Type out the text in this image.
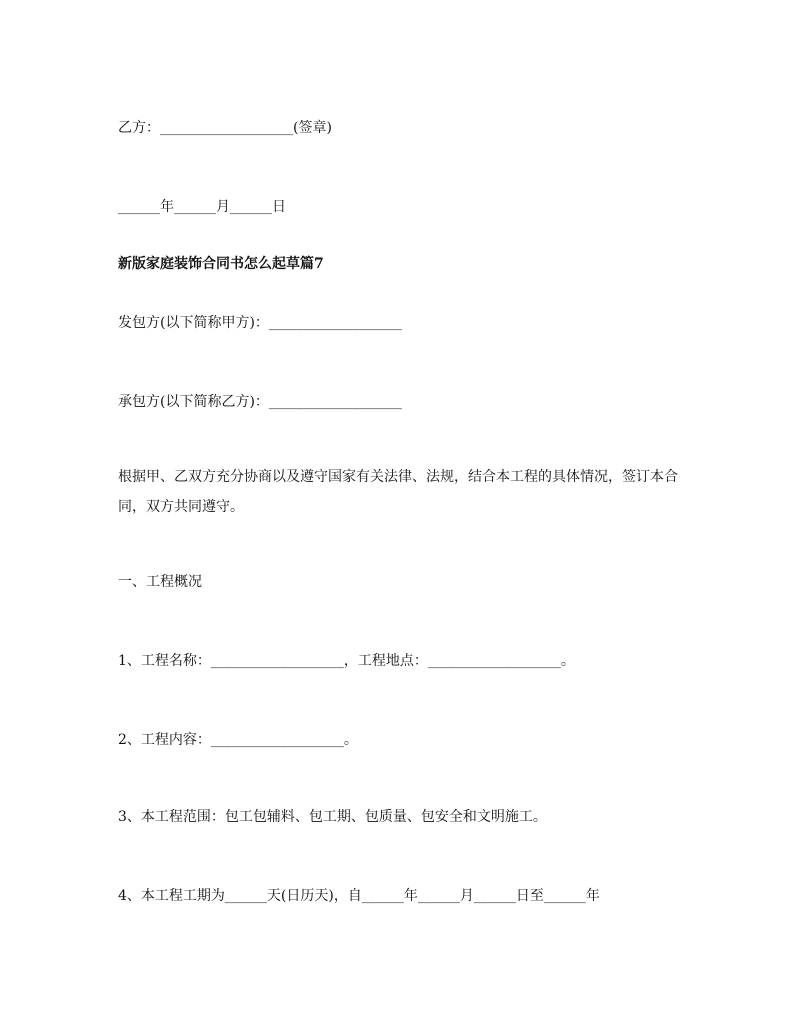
乙方：___________________(签章)
______年______月______日
新版家庭装饰合同书怎么起草篇7
发包方(以下简称甲方)：___________________
承包方(以下简称乙方)：___________________
根据甲、乙双方充分协商以及遵守国家有关法律、法规，结合本工程的具体情况，签订本合同，双方共同遵守。
一、工程概况
1、工程名称：___________________，工程地点：___________________。
2、工程内容：___________________。
3、本工程范围：包工包辅料、包工期、包质量、包安全和文明施工。
4、本工程工期为______天(日历天)，自______年______月______日至______年
